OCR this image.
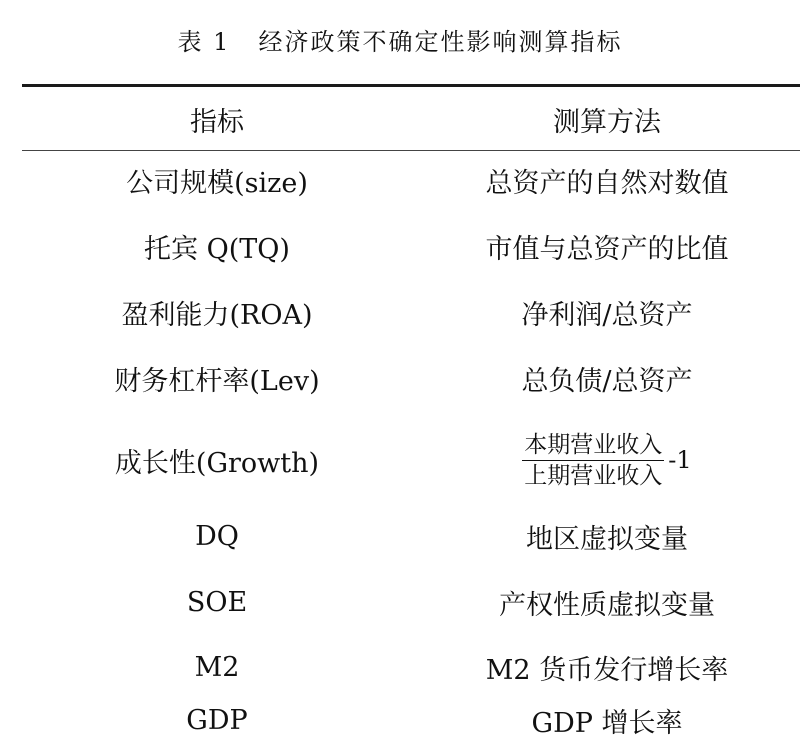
表 1 经济政策不确定性影响测算指标
指标	测算方法
公司规模(size)	总资产的自然对数值
托宾 Q(TQ)	市值与总资产的比值
盈利能力(ROA)	净利润/总资产
财务杠杆率(Lev)	总负债/总资产
成长性(Growth)	$\frac{\text{本期营业收入}}{\text{上期营业收入}} -1$
DQ	地区虚拟变量
SOE	产权性质虚拟变量
M2	M2 货币发行增长率
GDP	GDP 增长率
